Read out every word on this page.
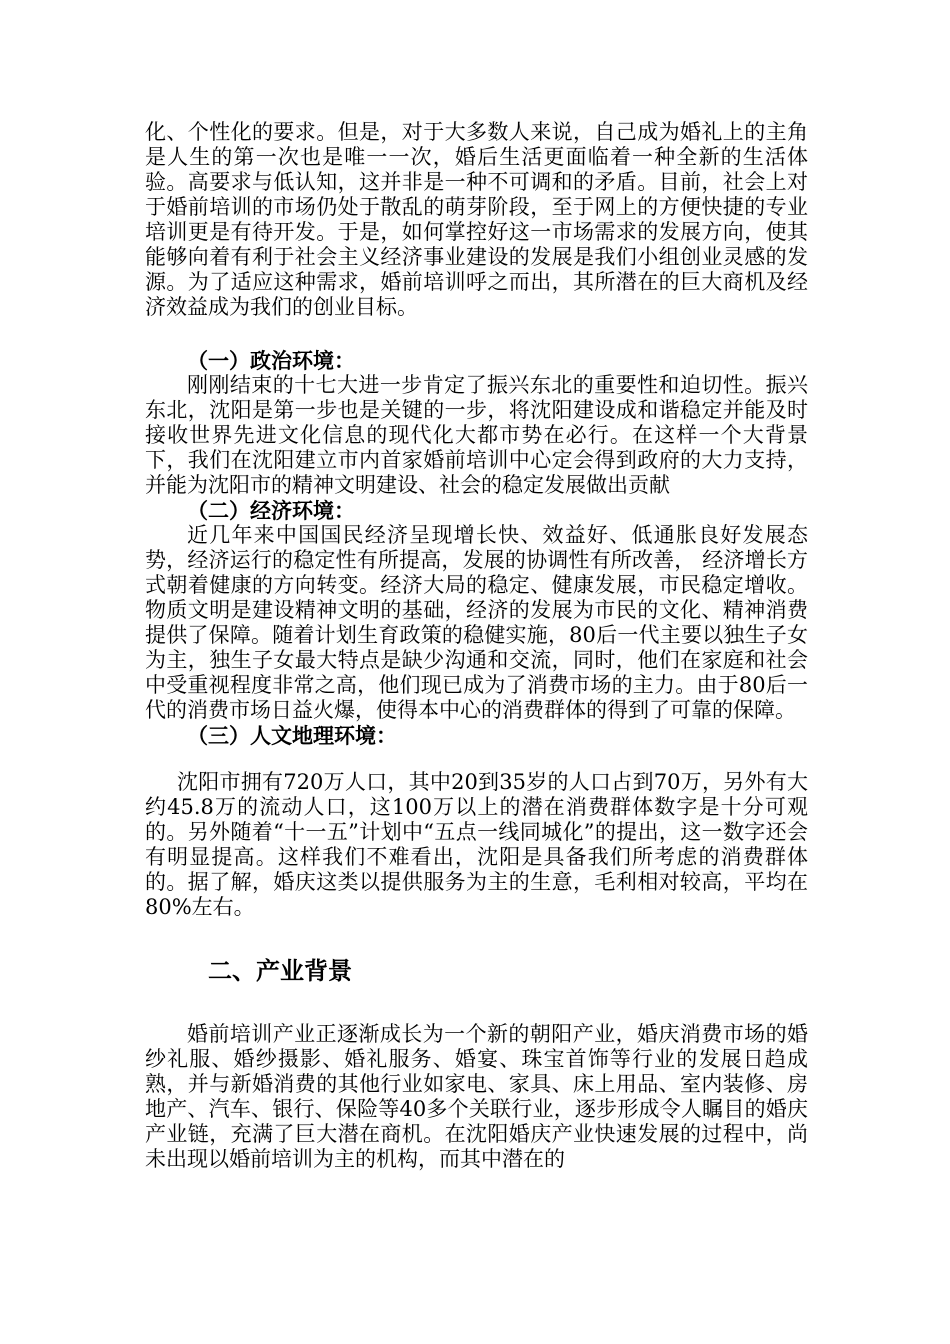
化、个性化的要求。但是，对于大多数人来说，自己成为婚礼上的主角是人生的第一次也是唯一一次，婚后生活更面临着一种全新的生活体验。高要求与低认知，这并非是一种不可调和的矛盾。目前，社会上对于婚前培训的市场仍处于散乱的萌芽阶段，至于网上的方便快捷的专业培训更是有待开发。于是，如何掌控好这一市场需求的发展方向，使其能够向着有利于社会主义经济事业建设的发展是我们小组创业灵感的发源。为了适应这种需求，婚前培训呼之而出，其所潜在的巨大商机及经济效益成为我们的创业目标。

（一）政治环境：

刚刚结束的十七大进一步肯定了振兴东北的重要性和迫切性。振兴东北，沈阳是第一步也是关键的一步，将沈阳建设成和谐稳定并能及时接收世界先进文化信息的现代化大都市势在必行。在这样一个大背景下，我们在沈阳建立市内首家婚前培训中心定会得到政府的大力支持，并能为沈阳市的精神文明建设、社会的稳定发展做出贡献

（二）经济环境：

近几年来中国国民经济呈现增长快、效益好、低通胀良好发展态势，经济运行的稳定性有所提高，发展的协调性有所改善， 经济增长方式朝着健康的方向转变。经济大局的稳定、健康发展，市民稳定增收。物质文明是建设精神文明的基础，经济的发展为市民的文化、精神消费提供了保障。随着计划生育政策的稳健实施，80后一代主要以独生子女为主，独生子女最大特点是缺少沟通和交流，同时，他们在家庭和社会中受重视程度非常之高，他们现已成为了消费市场的主力。由于80后一代的消费市场日益火爆，使得本中心的消费群体的得到了可靠的保障。

（三）人文地理环境：

沈阳市拥有720万人口，其中20到35岁的人口占到70万，另外有大约45.8万的流动人口，这100万以上的潜在消费群体数字是十分可观的。另外随着“十一五”计划中“五点一线同城化”的提出，这一数字还会有明显提高。这样我们不难看出，沈阳是具备我们所考虑的消费群体的。据了解，婚庆这类以提供服务为主的生意，毛利相对较高，平均在80%左右。

二、产业背景

婚前培训产业正逐渐成长为一个新的朝阳产业，婚庆消费市场的婚纱礼服、婚纱摄影、婚礼服务、婚宴、珠宝首饰等行业的发展日趋成熟，并与新婚消费的其他行业如家电、家具、床上用品、室内装修、房地产、汽车、银行、保险等40多个关联行业，逐步形成令人瞩目的婚庆产业链，充满了巨大潜在商机。在沈阳婚庆产业快速发展的过程中，尚未出现以婚前培训为主的机构，而其中潜在的
